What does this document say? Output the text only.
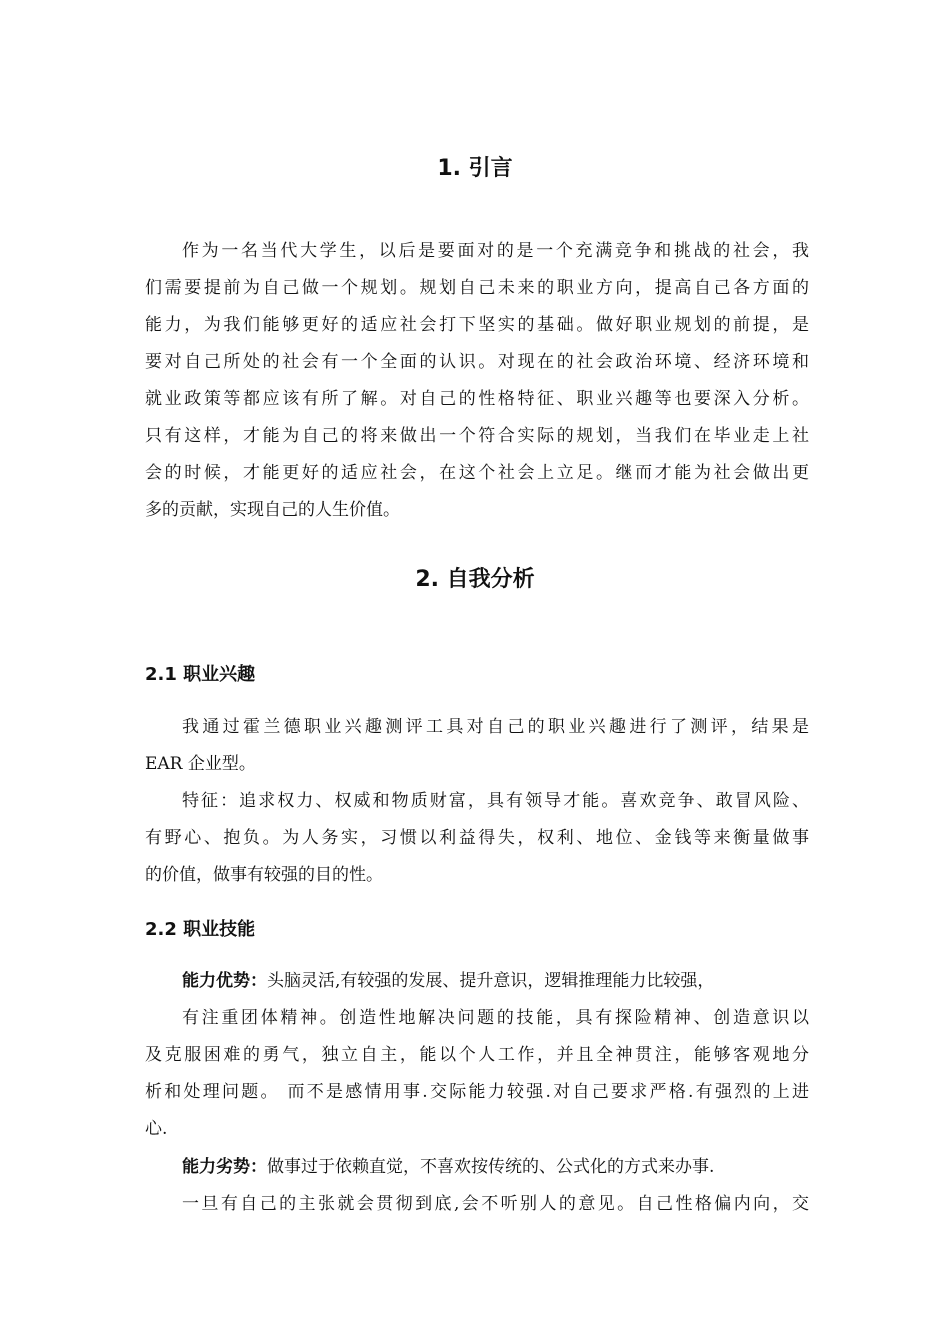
1. 引言
作为一名当代大学生，以后是要面对的是一个充满竞争和挑战的社会，我
们需要提前为自己做一个规划。规划自己未来的职业方向，提高自己各方面的
能力，为我们能够更好的适应社会打下坚实的基础。做好职业规划的前提，是
要对自己所处的社会有一个全面的认识。对现在的社会政治环境、经济环境和
就业政策等都应该有所了解。对自己的性格特征、职业兴趣等也要深入分析。
只有这样，才能为自己的将来做出一个符合实际的规划，当我们在毕业走上社
会的时候，才能更好的适应社会，在这个社会上立足。继而才能为社会做出更
多的贡献，实现自己的人生价值。
2. 自我分析
2.1 职业兴趣
我通过霍兰德职业兴趣测评工具对自己的职业兴趣进行了测评，结果是
EAR 企业型。
特征：追求权力、权威和物质财富，具有领导才能。喜欢竞争、敢冒风险、
有野心、抱负。为人务实，习惯以利益得失，权利、地位、金钱等来衡量做事
的价值，做事有较强的目的性。
2.2 职业技能
能力优势：头脑灵活,有较强的发展、提升意识，逻辑推理能力比较强，
有注重团体精神。创造性地解决问题的技能，具有探险精神、创造意识以
及克服困难的勇气，独立自主，能以个人工作，并且全神贯注，能够客观地分
析和处理问题。 而不是感情用事.交际能力较强.对自己要求严格.有强烈的上进
心.
能力劣势：做事过于依赖直觉，不喜欢按传统的、公式化的方式来办事.
一旦有自己的主张就会贯彻到底,会不听别人的意见。自己性格偏内向，交
